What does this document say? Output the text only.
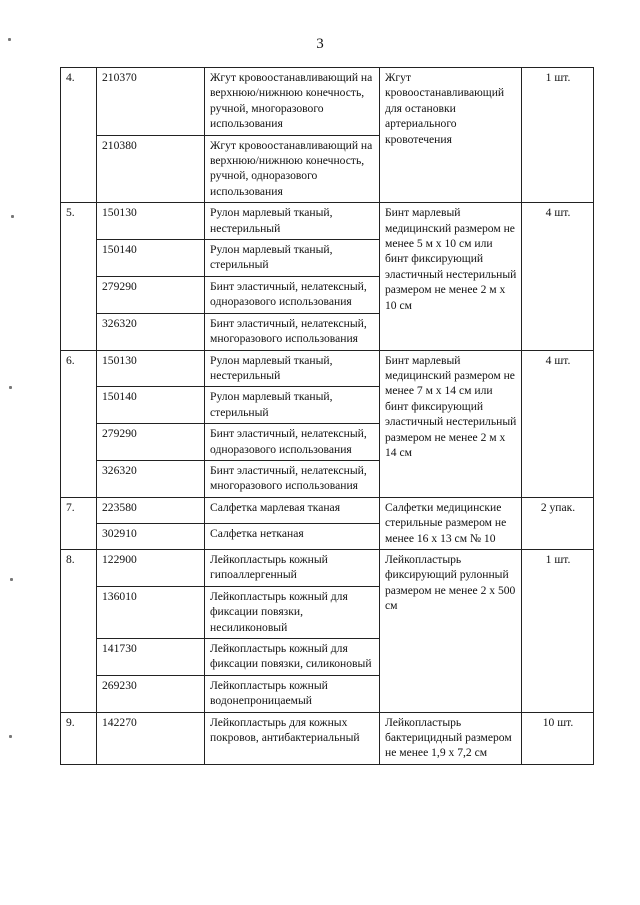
3
4.	210370	Жгут кровоостанавливающий на верхнюю/нижнюю конечность, ручной, многоразового использования	Жгут кровоостанавливающий для остановки артериального кровотечения	1 шт.
	210380	Жгут кровоостанавливающий на верхнюю/нижнюю конечность, ручной, одноразового использования		
5.	150130	Рулон марлевый тканый, нестерильный	Бинт марлевый медицинский размером не менее 5 м x 10 см или бинт фиксирующий эластичный нестерильный размером не менее 2 м x 10 см	4 шт.
	150140	Рулон марлевый тканый, стерильный		
	279290	Бинт эластичный, нелатексный, одноразового использования		
	326320	Бинт эластичный, нелатексный, многоразового использования		
6.	150130	Рулон марлевый тканый, нестерильный	Бинт марлевый медицинский размером не менее 7 м x 14 см или бинт фиксирующий эластичный нестерильный размером не менее 2 м x 14 см	4 шт.
	150140	Рулон марлевый тканый, стерильный		
	279290	Бинт эластичный, нелатексный, одноразового использования		
	326320	Бинт эластичный, нелатексный, многоразового использования		
7.	223580	Салфетка марлевая тканая	Салфетки медицинские стерильные размером не менее 16 x 13 см № 10	2 упак.
	302910	Салфетка нетканая		
8.	122900	Лейкопластырь кожный гипоаллергенный	Лейкопластырь фиксирующий рулонный размером не менее 2 x 500 см	1 шт.
	136010	Лейкопластырь кожный для фиксации повязки, несиликоновый		
	141730	Лейкопластырь кожный для фиксации повязки, силиконовый		
	269230	Лейкопластырь кожный водонепроницаемый		
9.	142270	Лейкопластырь для кожных покровов, антибактериальный	Лейкопластырь бактерицидный размером не менее 1,9 x 7,2 см	10 шт.
